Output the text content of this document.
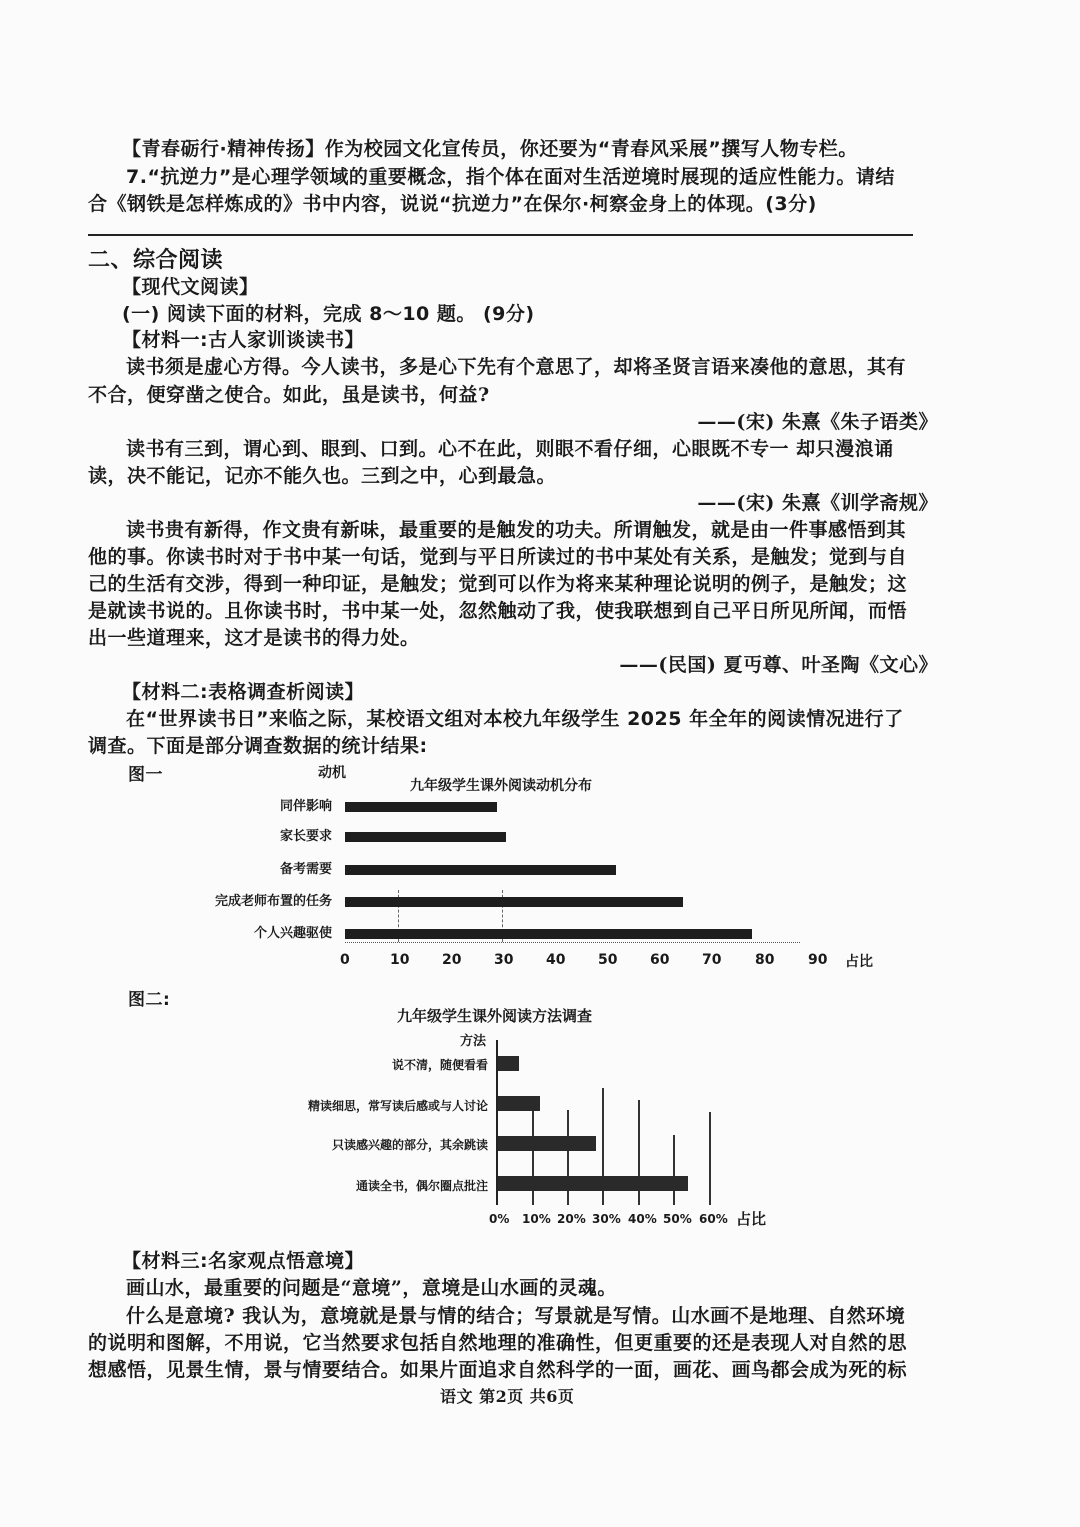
【青春砺行·精神传扬】作为校园文化宣传员，你还要为“青春风采展”撰写人物专栏。
7.“抗逆力”是心理学领域的重要概念，指个体在面对生活逆境时展现的适应性能力。请结
合《钢铁是怎样炼成的》书中内容，说说“抗逆力”在保尔·柯察金身上的体现。(3分)
二、综合阅读
【现代文阅读】
(一) 阅读下面的材料，完成 8～10 题。 (9分)
【材料一:古人家训谈读书】
读书须是虚心方得。今人读书，多是心下先有个意思了，却将圣贤言语来凑他的意思，其有
不合，便穿凿之使合。如此，虽是读书，何益?
——(宋) 朱熹《朱子语类》
读书有三到，谓心到、眼到、口到。心不在此，则眼不看仔细，心眼既不专一 却只漫浪诵
读，决不能记，记亦不能久也。三到之中，心到最急。
——(宋) 朱熹《训学斋规》
读书贵有新得，作文贵有新味，最重要的是触发的功夫。所谓触发，就是由一件事感悟到其
他的事。你读书时对于书中某一句话，觉到与平日所读过的书中某处有关系，是触发；觉到与自
己的生活有交涉，得到一种印证，是触发；觉到可以作为将来某种理论说明的例子，是触发；这
是就读书说的。且你读书时，书中某一处，忽然触动了我，使我联想到自己平日所见所闻，而悟
出一些道理来，这才是读书的得力处。
——(民国) 夏丏尊、叶圣陶《文心》
【材料二:表格调查析阅读】
在“世界读书日”来临之际，某校语文组对本校九年级学生 2025 年全年的阅读情况进行了
调查。下面是部分调查数据的统计结果:
图一	动机
九年级学生课外阅读动机分布
同伴影响
家长要求
备考需要
完成老师布置的任务
个人兴趣驱使
0	10 20 30 40 50 60 70 80 90 占比
图二:
九年级学生课外阅读方法调查
方法
说不清，随便看看
精读细思，常写读后感或与人讨论
只读感兴趣的部分，其余跳读
通读全书，偶尔圈点批注
0% 10% 20% 30% 40% 50% 60% 占比
【材料三:名家观点悟意境】
画山水，最重要的问题是“意境”，意境是山水画的灵魂。
什么是意境? 我认为，意境就是景与情的结合；写景就是写情。山水画不是地理、自然环境
的说明和图解，不用说，它当然要求包括自然地理的准确性，但更重要的还是表现人对自然的思
想感悟，见景生情，景与情要结合。如果片面追求自然科学的一面，画花、画鸟都会成为死的标
语文 第2页 共6页
